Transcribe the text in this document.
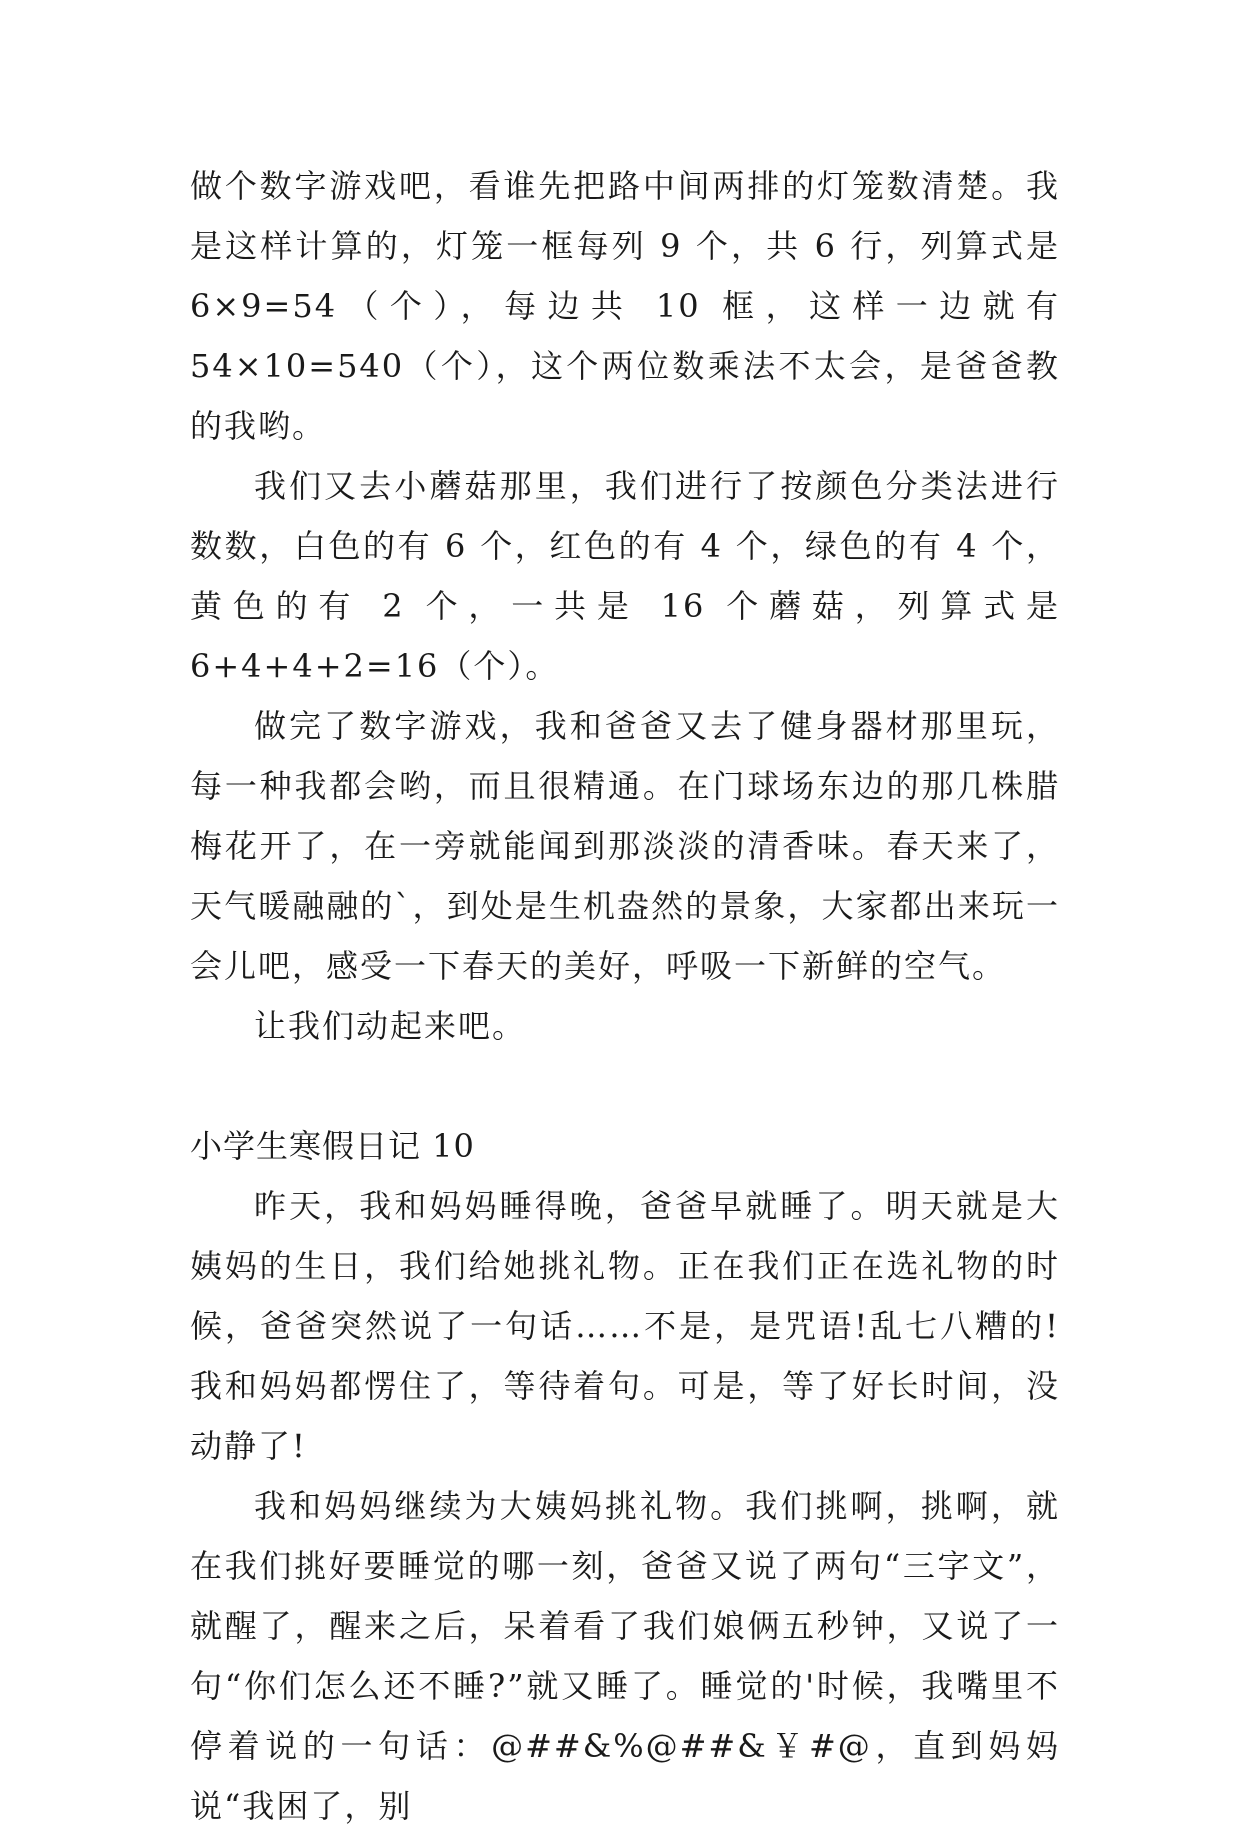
做个数字游戏吧，看谁先把路中间两排的灯笼数清楚。我是这样计算的，灯笼一框每列 9 个，共 6 行，列算式是 6×9=54（个），每边共 10 框，这样一边就有 54×10=540（个），这个两位数乘法不太会，是爸爸教的我哟。

我们又去小蘑菇那里，我们进行了按颜色分类法进行数数，白色的有 6 个，红色的有 4 个，绿色的有 4 个，黄色的有 2 个，一共是 16 个蘑菇，列算式是 6+4+4+2=16（个）。

做完了数字游戏，我和爸爸又去了健身器材那里玩，每一种我都会哟，而且很精通。在门球场东边的那几株腊梅花开了，在一旁就能闻到那淡淡的清香味。春天来了，天气暖融融的`，到处是生机盎然的景象，大家都出来玩一会儿吧，感受一下春天的美好，呼吸一下新鲜的空气。

让我们动起来吧。

小学生寒假日记 10

昨天，我和妈妈睡得晚，爸爸早就睡了。明天就是大姨妈的生日，我们给她挑礼物。正在我们正在选礼物的时候，爸爸突然说了一句话……不是，是咒语!乱七八糟的!我和妈妈都愣住了，等待着句。可是，等了好长时间，没动静了!

我和妈妈继续为大姨妈挑礼物。我们挑啊，挑啊，就在我们挑好要睡觉的哪一刻，爸爸又说了两句“三字文”，就醒了，醒来之后，呆着看了我们娘俩五秒钟，又说了一句“你们怎么还不睡?”就又睡了。睡觉的'时候，我嘴里不停着说的一句话：@##&%@##&￥#@，直到妈妈说“我困了，别
